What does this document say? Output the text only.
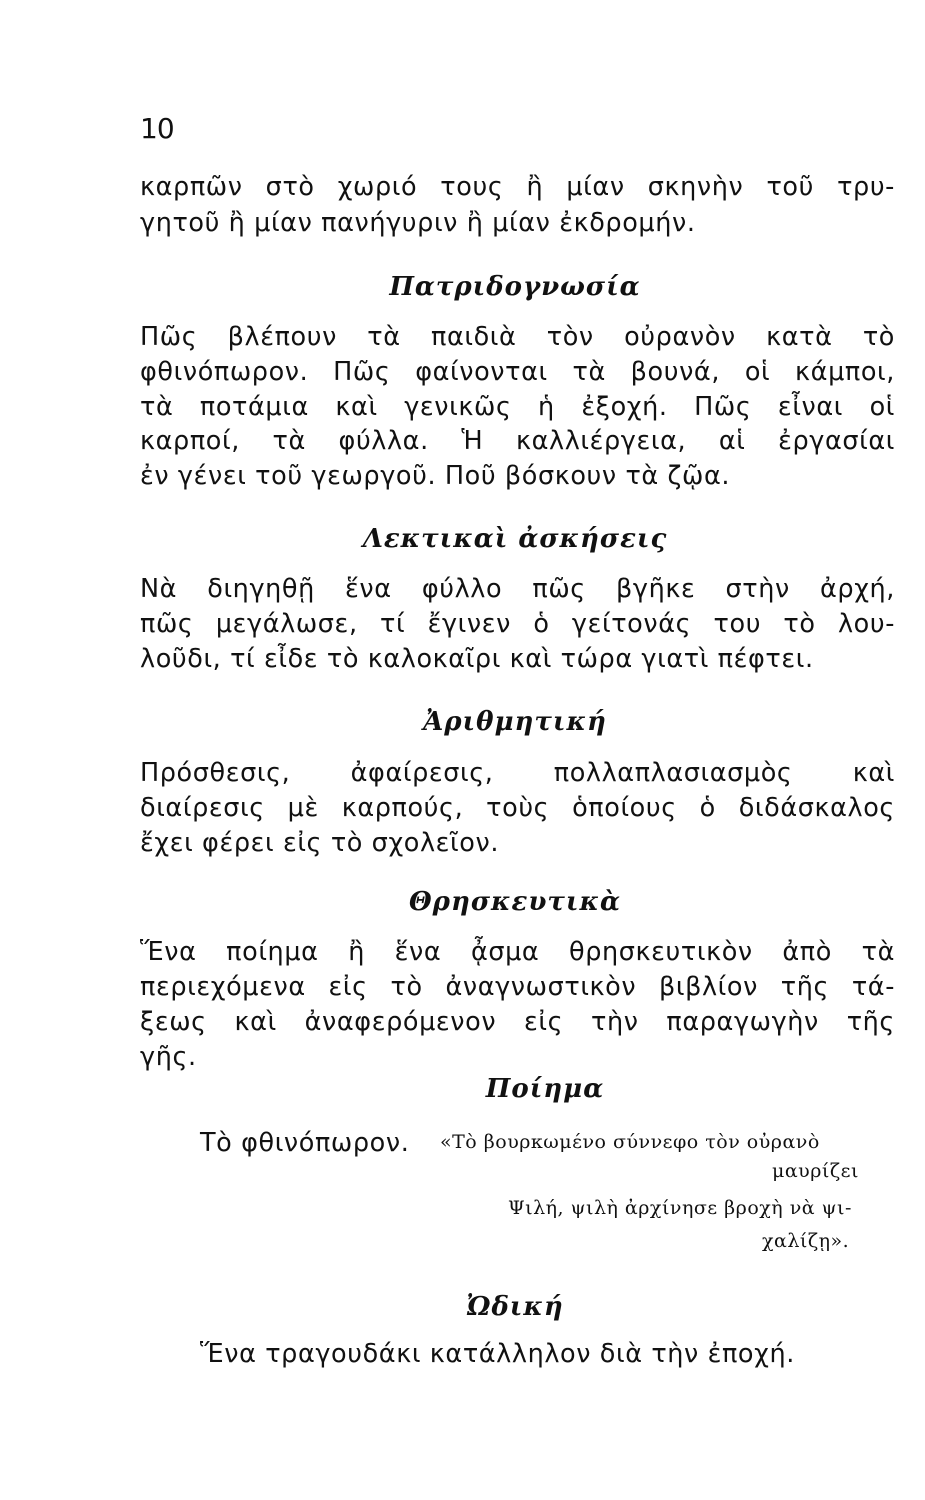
10
καρπῶν στὸ χωριό τους ἢ μίαν σκηνὴν τοῦ τρυ-
γητοῦ ἢ μίαν πανήγυριν ἢ μίαν ἐκδρομήν.
Πατριδογνωσία
Πῶς βλέπουν τὰ παιδιὰ τὸν οὐρανὸν κατὰ τὸ
φθινόπωρον. Πῶς φαίνονται τὰ βουνά, οἱ κάμποι,
τὰ ποτάμια καὶ γενικῶς ἡ ἐξοχή. Πῶς εἶναι οἱ
καρποί, τὰ φύλλα. Ἡ καλλιέργεια, αἱ ἐργασίαι
ἐν γένει τοῦ γεωργοῦ. Ποῦ βόσκουν τὰ ζῷα.
Λεκτικαὶ ἀσκήσεις
Νὰ διηγηθῇ ἕνα φύλλο πῶς βγῆκε στὴν ἀρχή,
πῶς μεγάλωσε, τί ἔγινεν ὁ γείτονάς του τὸ λου-
λοῦδι, τί εἶδε τὸ καλοκαῖρι καὶ τώρα γιατὶ πέφτει.
Ἀριθμητική
Πρόσθεσις, ἀφαίρεσις, πολλαπλασιασμὸς καὶ
διαίρεσις μὲ καρπούς, τοὺς ὁποίους ὁ διδάσκαλος
ἔχει φέρει εἰς τὸ σχολεῖον.
Θρησκευτικὰ
Ἕνα ποίημα ἢ ἕνα ᾆσμα θρησκευτικὸν ἀπὸ τὰ
περιεχόμενα εἰς τὸ ἀναγνωστικὸν βιβλίον τῆς τά-
ξεως καὶ ἀναφερόμενον εἰς τὴν παραγωγὴν τῆς
γῆς.
Ποίημα
Τὸ φθινόπωρον. «Τὸ βουρκωμένο σύννεφο τὸν οὐρανὸ
μαυρίζει
Ψιλή, ψιλὴ ἀρχίνησε βροχὴ νὰ ψι-
χαλίζῃ».
Ὠδική
Ἕνα τραγουδάκι κατάλληλον διὰ τὴν ἐποχή.
